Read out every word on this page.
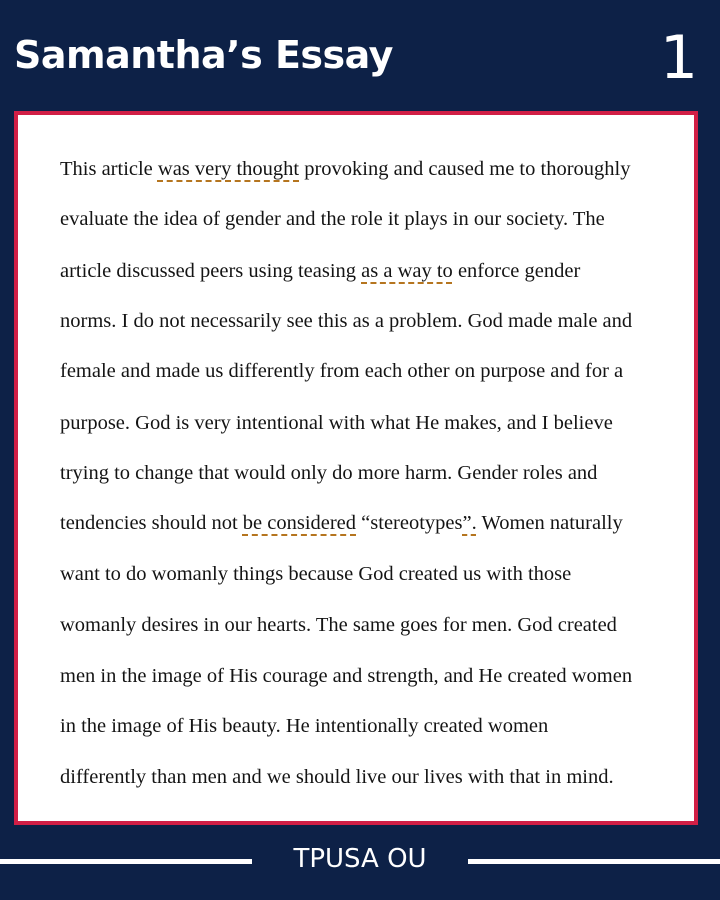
Samantha’s Essay	1
This article was very thought provoking and caused me to thoroughly
evaluate the idea of gender and the role it plays in our society. The
article discussed peers using teasing as a way to enforce gender
norms. I do not necessarily see this as a problem. God made male and
female and made us differently from each other on purpose and for a
purpose. God is very intentional with what He makes, and I believe
trying to change that would only do more harm. Gender roles and
tendencies should not be considered “stereotypes”. Women naturally
want to do womanly things because God created us with those
womanly desires in our hearts. The same goes for men. God created
men in the image of His courage and strength, and He created women
in the image of His beauty. He intentionally created women
differently than men and we should live our lives with that in mind.
TPUSA OU
